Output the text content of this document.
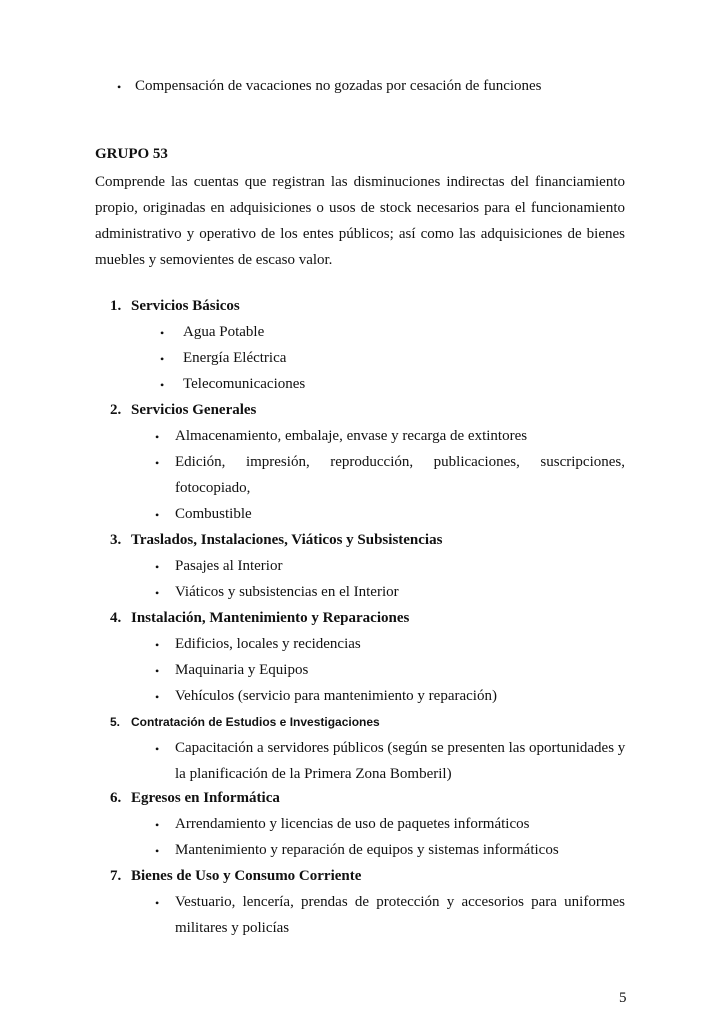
• Compensación de vacaciones no gozadas por cesación de funciones
GRUPO 53
Comprende las cuentas que registran las disminuciones indirectas del financiamiento propio, originadas en adquisiciones o usos de stock necesarios para el funcionamiento administrativo y operativo de los entes públicos; así como las adquisiciones de bienes muebles y semovientes de escaso valor.
1. Servicios Básicos
• Agua Potable
• Energía Eléctrica
• Telecomunicaciones
2. Servicios Generales
• Almacenamiento, embalaje, envase y recarga de extintores
• Edición, impresión, reproducción, publicaciones, suscripciones,
fotocopiado,
• Combustible
3. Traslados, Instalaciones, Viáticos y Subsistencias
• Pasajes al Interior
• Viáticos y subsistencias en el Interior
4. Instalación, Mantenimiento y Reparaciones
• Edificios, locales y recidencias
• Maquinaria y Equipos
• Vehículos (servicio para mantenimiento y reparación)
5. Contratación de Estudios e Investigaciones
• Capacitación a servidores públicos (según se presenten las oportunidades y
la planificación de la Primera Zona Bomberil)
6. Egresos en Informática
• Arrendamiento y licencias de uso de paquetes informáticos
• Mantenimiento y reparación de equipos y sistemas informáticos
7. Bienes de Uso y Consumo Corriente
• Vestuario, lencería, prendas de protección y accesorios para uniformes
militares y policías
5
